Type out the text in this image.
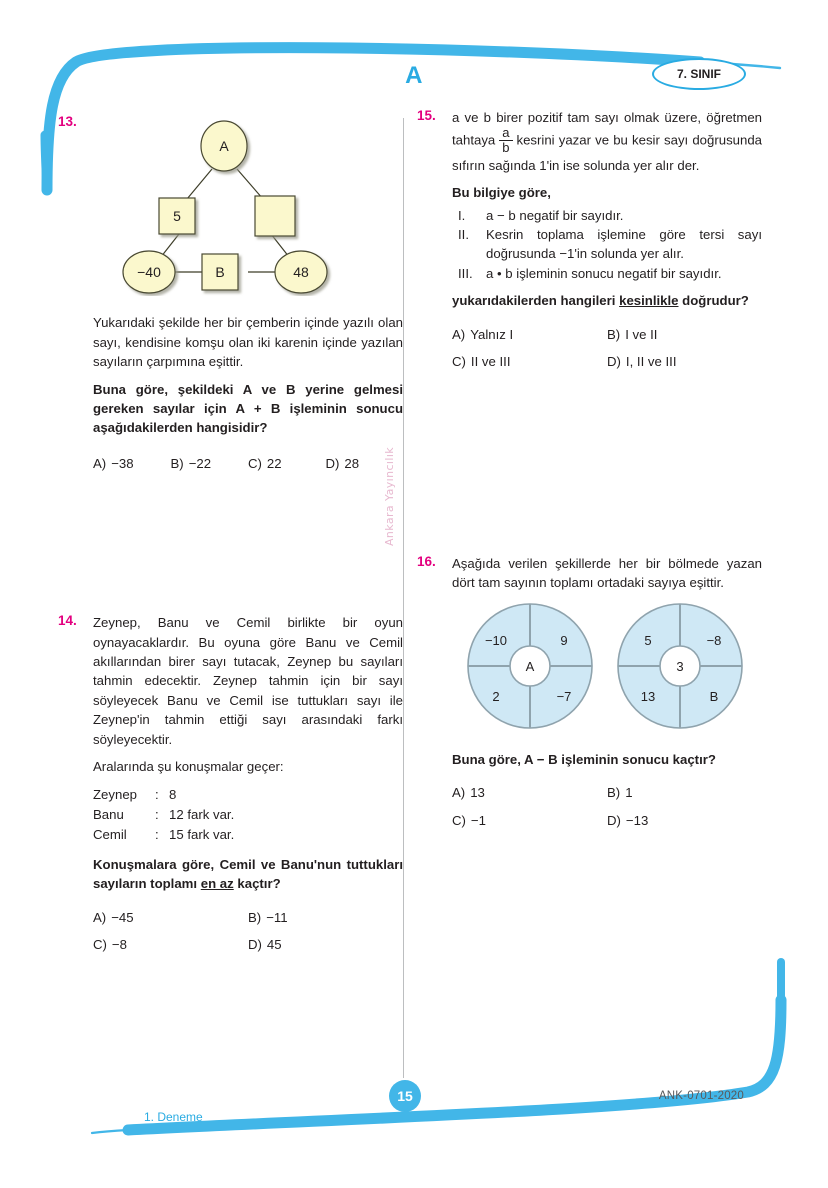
A	7. SINIF
Ankara Yayıncılık
13.
A
5
−40	B	48

Yukarıdaki şekilde her bir çemberin içinde yazılı olan sayı, kendisine komşu olan iki karenin içinde yazılan sayıların çarpımına eşittir.

Buna göre, şekildeki A ve B yerine gelmesi gereken sayılar için A + B işleminin sonucu aşağıdakilerden hangisidir?

A) −38	B) −22	C) 22	D) 28
14.	Zeynep, Banu ve Cemil birlikte bir oyun oynayacaklardır. Bu oyuna göre Banu ve Cemil akıllarından birer sayı tutacak, Zeynep bu sayıları tahmin edecektir. Zeynep tahmin için bir sayı söyleyecek Banu ve Cemil ise tuttukları sayı ile Zeynep'in tahmin ettiği sayı arasındaki farkı söyleyecektir.

Aralarında şu konuşmalar geçer:

Zeynep	: 8
Banu	: 12 fark var.
Cemil	: 15 fark var.

Konuşmalara göre, Cemil ve Banu'nun tuttukları sayıların toplamı en az kaçtır?

A) −45	B) −11
C) −8	D) 45
15.	a ve b birer pozitif tam sayı olmak üzere, öğretmen tahtaya $\frac{a}{b}$ kesrini yazar ve bu kesir sayı doğrusunda sıfırın sağında 1'in ise solunda yer alır der.

Bu bilgiye göre,

I.	a − b negatif bir sayıdır.
II.	Kesrin toplama işlemine göre tersi sayı doğrusunda −1'in solunda yer alır.
III.	a • b işleminin sonucu negatif bir sayıdır.

yukarıdakilerden hangileri kesinlikle doğrudur?

A) Yalnız I	B) I ve II
C) II ve III	D) I, II ve III
16.	Aşağıda verilen şekillerde her bir bölmede yazan dört tam sayının toplamı ortadaki sayıya eşittir.

−10	9
2	−7
A
5	−8
13	B
3

Buna göre, A − B işleminin sonucu kaçtır?

A) 13	B) 1
C) −1	D) −13
15
1. Deneme
ANK-0701-2020
